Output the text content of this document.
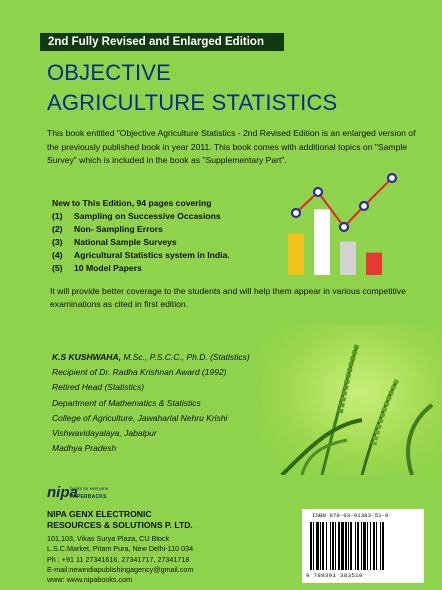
2nd Fully Revised and Enlarged Edition
OBJECTIVE
AGRICULTURE STATISTICS
This book entitled "Objective Agriculture Statistics - 2nd Revised Edition is an enlarged version of the previously published book in year 2011. This book comes with additional topics on "Sample Survey" which is included in the book as "Supplementary Part".
New to This Edition, 94 pages covering
(1) Sampling on Successive Occasions
(2) Non- Sampling Errors
(3) National Sample Surveys
(4) Agricultural Statistics system in India.
(5) 10 Model Papers
It will provide better coverage to the students and will help them appear in various competitive examinations as cited in first edition.
K.S KUSHWAHA, M.Sc., P.S.C.C., Ph.D. (Statistics)
Recipient of Dr. Radha Krishnan Award (1992)
Retired Head (Statistics)
Department of Mathematics & Statistics
College of Agriculture, Jawaharlal Nehru Krishi
Vishwavidayalaya, Jabalpur
Madhya Pradesh
nipa
books for everyone
PAPERBACKS
NIPA GENX ELECTRONIC
RESOURCES & SOLUTIONS P. LTD.
101,103, Vikas Surya Plaza, CU Block
L.S.C.Market, Pitam Pura, New Delhi-110 034
Ph : +91 11 27341616, 27341717, 27341718
E-mail:newindiapublishingagency@gmail.com
www: www.nipabooks.com
ISBN 978-93-91383-51-0
9 789391 383510
